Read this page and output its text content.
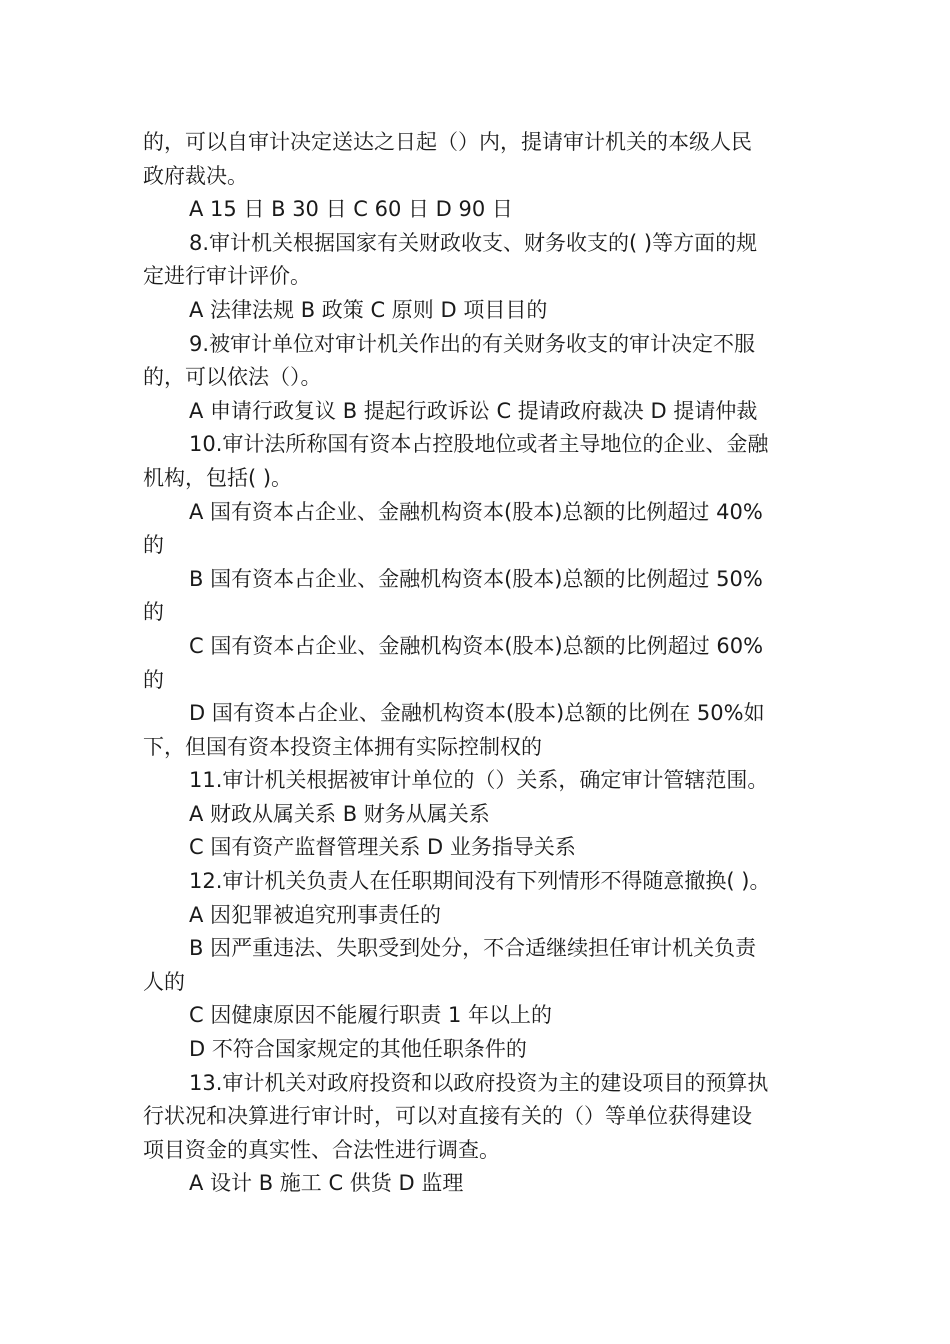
的，可以自审计决定送达之日起（）内，提请审计机关的本级人民
政府裁决。
A 15 日 B 30 日 C 60 日 D 90 日
8.审计机关根据国家有关财政收支、财务收支的( )等方面的规
定进行审计评价。
A 法律法规 B 政策 C 原则 D 项目目的
9.被审计单位对审计机关作出的有关财务收支的审计决定不服
的，可以依法（）。
A 申请行政复议 B 提起行政诉讼 C 提请政府裁决 D 提请仲裁
10.审计法所称国有资本占控股地位或者主导地位的企业、金融
机构，包括( )。
A 国有资本占企业、金融机构资本(股本)总额的比例超过 40%
的
B 国有资本占企业、金融机构资本(股本)总额的比例超过 50%
的
C 国有资本占企业、金融机构资本(股本)总额的比例超过 60%
的
D 国有资本占企业、金融机构资本(股本)总额的比例在 50%如
下，但国有资本投资主体拥有实际控制权的
11.审计机关根据被审计单位的（）关系，确定审计管辖范围。
A 财政从属关系 B 财务从属关系
C 国有资产监督管理关系 D 业务指导关系
12.审计机关负责人在任职期间没有下列情形不得随意撤换( )。
A 因犯罪被追究刑事责任的
B 因严重违法、失职受到处分，不合适继续担任审计机关负责
人的
C 因健康原因不能履行职责 1 年以上的
D 不符合国家规定的其他任职条件的
13.审计机关对政府投资和以政府投资为主的建设项目的预算执
行状况和决算进行审计时，可以对直接有关的（）等单位获得建设
项目资金的真实性、合法性进行调查。
A 设计 B 施工 C 供货 D 监理
